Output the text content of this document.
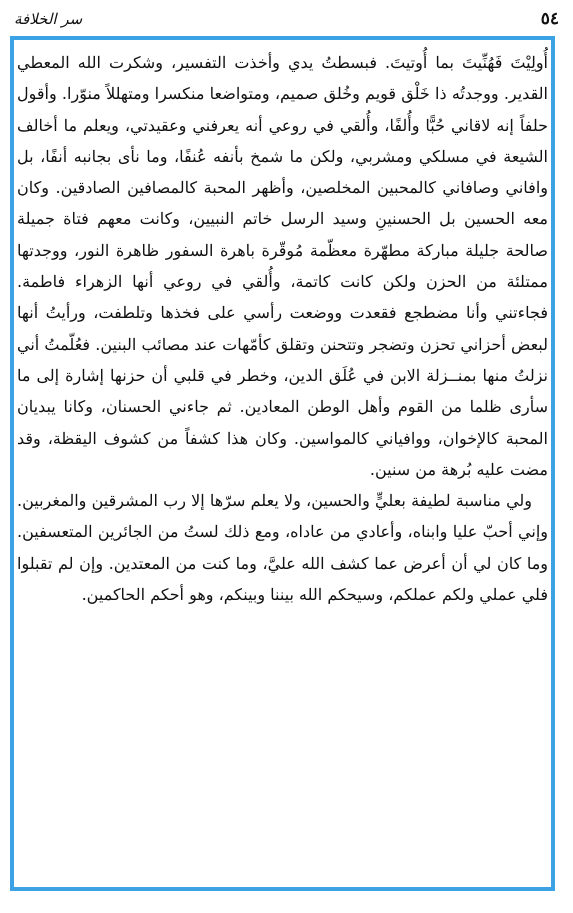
٥٤
سر الخلافة

أُولِيْتَ فَهُنِّيتَ بما أُوتيتَ. فبسطتُ يدي وأخذت التفسير، وشكرت الله المعطي القدير. ووجدتُه ذا خَلْق قويم وخُلق صميم، ومتواضعا منكسرا ومتهللاً منوّرا. وأقول حلفاً إنه لاقاني حُبًّا وأُلفًا، وأُلقي في روعي أنه يعرفني وعقيدتي، ويعلم ما أخالف الشيعة في مسلكي ومشربي، ولكن ما شمخ بأنفه عُنفًا، وما نأى بجانبه أنفًا، بل وافاني وصافاني كالمحبين المخلصين، وأظهر المحبة كالمصافين الصادقين. وكان معه الحسين بل الحسنينِ وسيد الرسل خاتم النبيين، وكانت معهم فتاة جميلة صالحة جليلة مباركة مطهّرة معظّمة مُوقّرة باهرة السفور ظاهرة النور، ووجدتها ممتلئة من الحزن ولكن كانت كاتمة، وأُلقي في روعي أنها الزهراء فاطمة. فجاءتني وأنا مضطجع فقعدت ووضعت رأسي على فخذها وتلطفت، ورأيتُ أنها لبعض أحزاني تحزن وتضجر وتتحنن وتقلق كأمّهات عند مصائب البنين. فعُلّمتُ أني نزلتُ منها بمنــزلة الابن في عُلَق الدين، وخطر في قلبي أن حزنها إشارة إلى ما سأرى ظلما من القوم وأهل الوطن المعادين. ثم جاءني الحسنان، وكانا يبديان المحبة كالإخوان، ووافياني كالمواسين. وكان هذا كشفاً من كشوف اليقظة، وقد مضت عليه بُرهة من سنين.

ولي مناسبة لطيفة بعليٍّ والحسين، ولا يعلم سرّها إلا رب المشرقين والمغربين. وإني أحبّ عليا وابناه، وأعادي من عاداه، ومع ذلك لستُ من الجائرين المتعسفين. وما كان لي أن أعرض عما كشف الله عليَّ، وما كنت من المعتدين. وإن لم تقبلوا فلي عملي ولكم عملكم، وسيحكم الله بيننا وبينكم، وهو أحكم الحاكمين.
